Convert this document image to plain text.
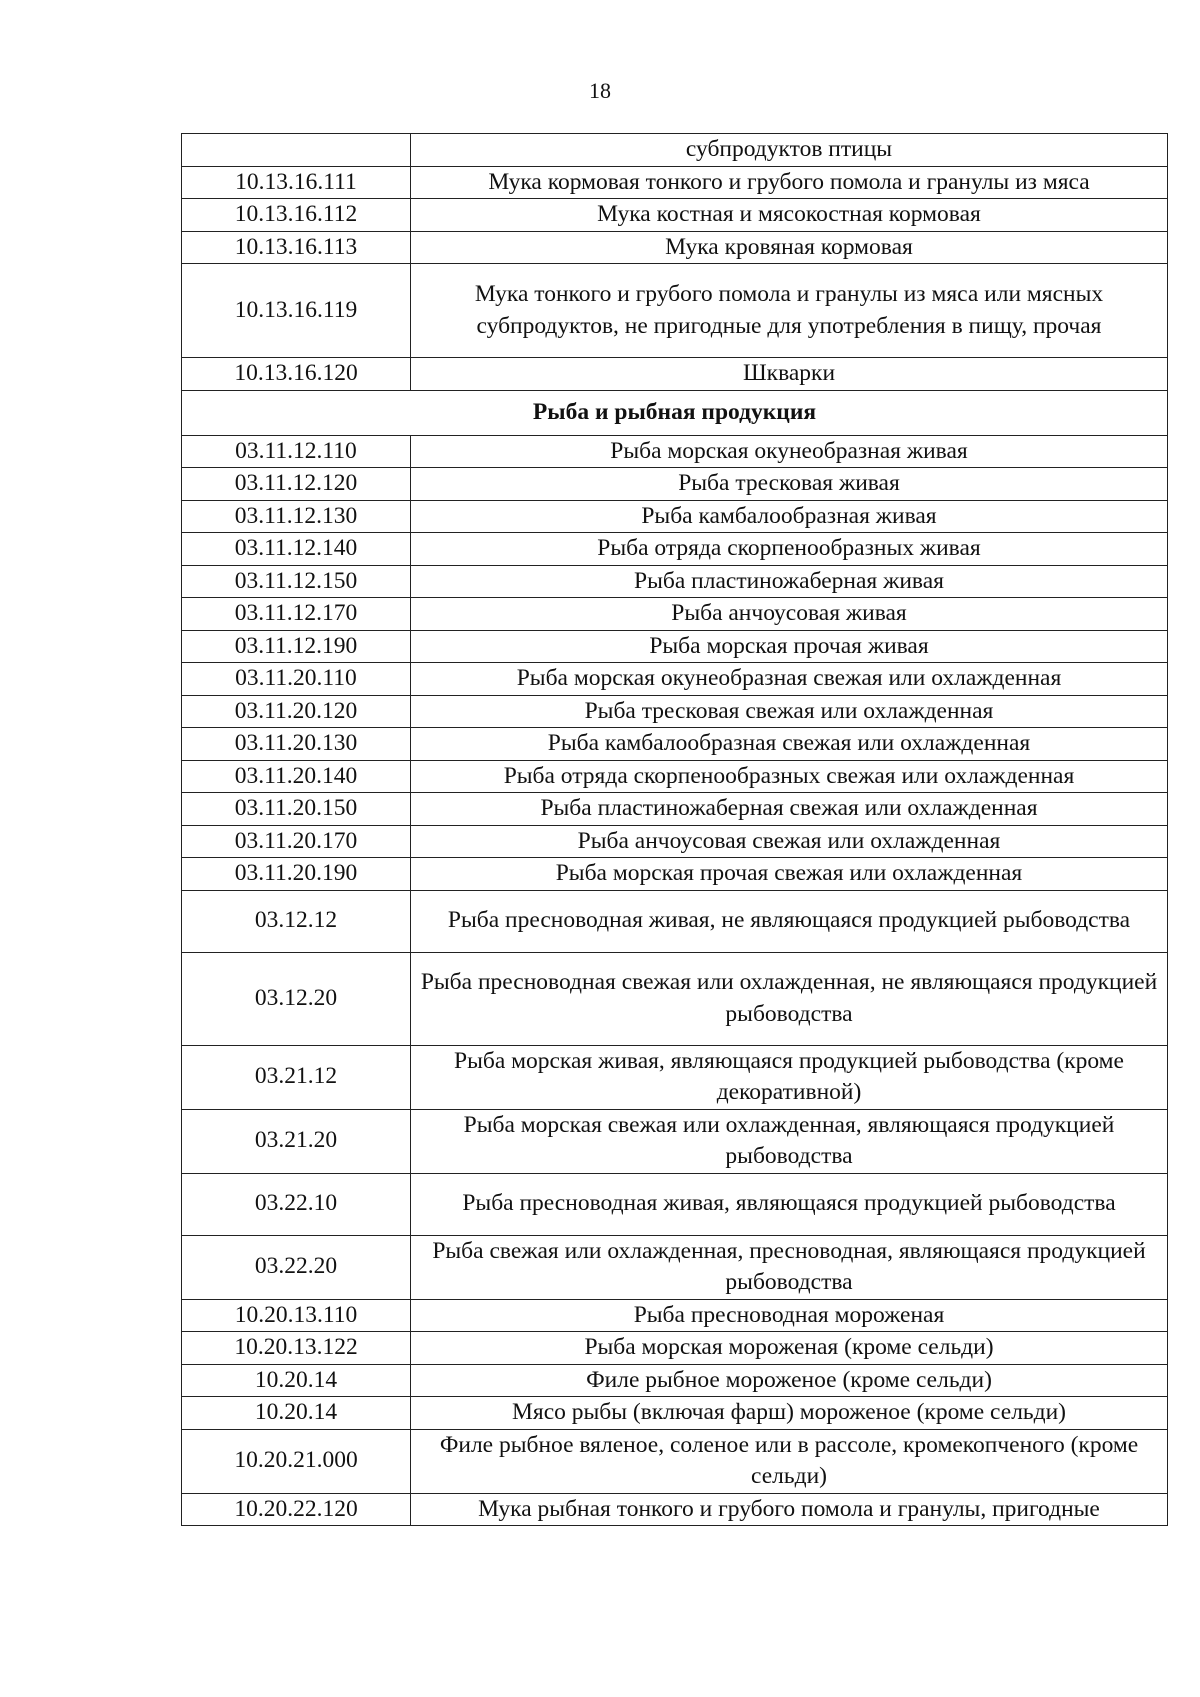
18
	субпродуктов птицы
10.13.16.111	Мука кормовая тонкого и грубого помола и гранулы из мяса
10.13.16.112	Мука костная и мясокостная кормовая
10.13.16.113	Мука кровяная кормовая
10.13.16.119	Мука тонкого и грубого помола и гранулы из мяса или мясных субпродуктов, не пригодные для употребления в пищу, прочая
10.13.16.120	Шкварки
Рыба и рыбная продукция	
03.11.12.110	Рыба морская окунеобразная живая
03.11.12.120	Рыба тресковая живая
03.11.12.130	Рыба камбалообразная живая
03.11.12.140	Рыба отряда скорпенообразных живая
03.11.12.150	Рыба пластиножаберная живая
03.11.12.170	Рыба анчоусовая живая
03.11.12.190	Рыба морская прочая живая
03.11.20.110	Рыба морская окунеобразная свежая или охлажденная
03.11.20.120	Рыба тресковая свежая или охлажденная
03.11.20.130	Рыба камбалообразная свежая или охлажденная
03.11.20.140	Рыба отряда скорпенообразных свежая или охлажденная
03.11.20.150	Рыба пластиножаберная свежая или охлажденная
03.11.20.170	Рыба анчоусовая свежая или охлажденная
03.11.20.190	Рыба морская прочая свежая или охлажденная
03.12.12	Рыба пресноводная живая, не являющаяся продукцией рыбоводства
03.12.20	Рыба пресноводная свежая или охлажденная, не являющаяся продукцией рыбоводства
03.21.12	Рыба морская живая, являющаяся продукцией рыбоводства (кроме декоративной)
03.21.20	Рыба морская свежая или охлажденная, являющаяся продукцией рыбоводства
03.22.10	Рыба пресноводная живая, являющаяся продукцией рыбоводства
03.22.20	Рыба свежая или охлажденная, пресноводная, являющаяся продукцией рыбоводства
10.20.13.110	Рыба пресноводная мороженая
10.20.13.122	Рыба морская мороженая (кроме сельди)
10.20.14	Филе рыбное мороженое (кроме сельди)
10.20.14	Мясо рыбы (включая фарш) мороженое (кроме сельди)
10.20.21.000	Филе рыбное вяленое, соленое или в рассоле, кромекопченого (кроме сельди)
10.20.22.120	Мука рыбная тонкого и грубого помола и гранулы, пригодные
